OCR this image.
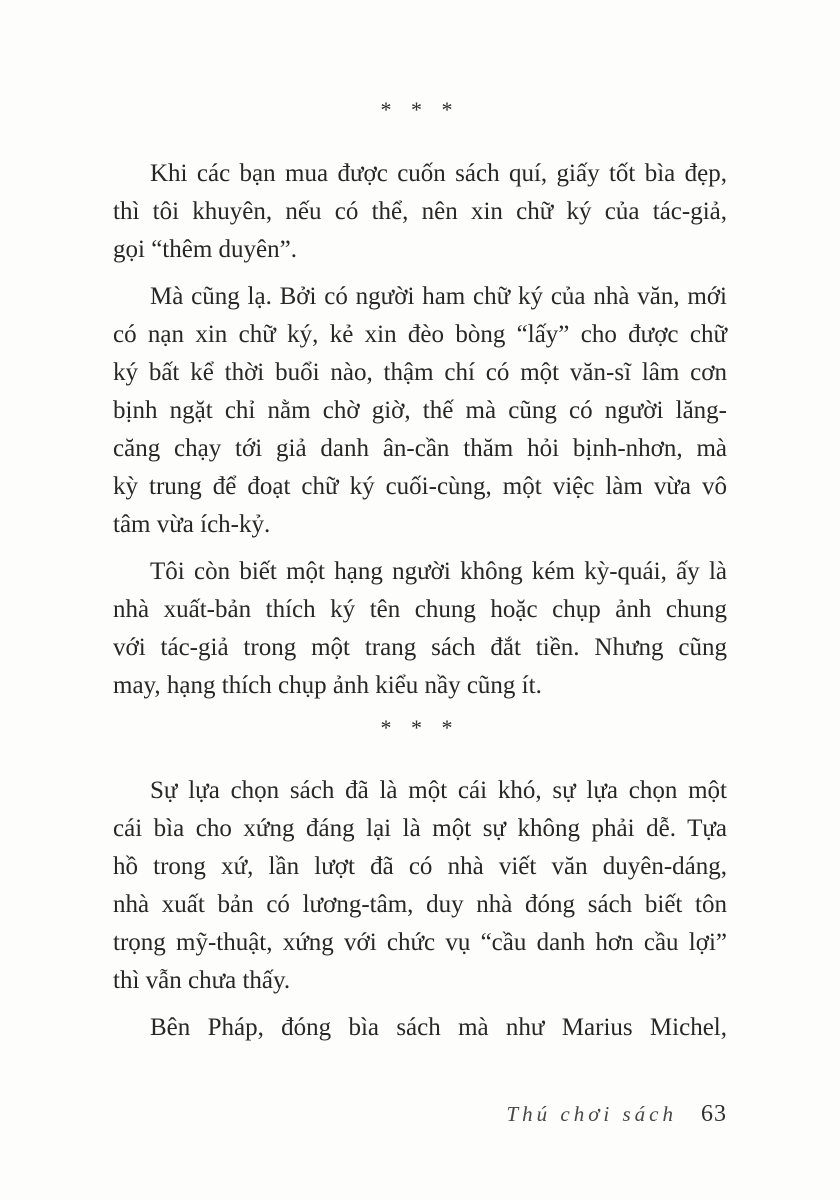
* * *
Khi các bạn mua được cuốn sách quí, giấy tốt bìa đẹp,
thì tôi khuyên, nếu có thể, nên xin chữ ký của tác-giả,
gọi “thêm duyên”.
Mà cũng lạ. Bởi có người ham chữ ký của nhà văn, mới
có nạn xin chữ ký, kẻ xin đèo bòng “lấy” cho được chữ
ký bất kể thời buổi nào, thậm chí có một văn-sĩ lâm cơn
bịnh ngặt chỉ nằm chờ giờ, thế mà cũng có người lăng-
căng chạy tới giả danh ân-cần thăm hỏi bịnh-nhơn, mà
kỳ trung để đoạt chữ ký cuối-cùng, một việc làm vừa vô
tâm vừa ích-kỷ.
Tôi còn biết một hạng người không kém kỳ-quái, ấy là
nhà xuất-bản thích ký tên chung hoặc chụp ảnh chung
với tác-giả trong một trang sách đắt tiền. Nhưng cũng
may, hạng thích chụp ảnh kiểu nầy cũng ít.
* * *
Sự lựa chọn sách đã là một cái khó, sự lựa chọn một
cái bìa cho xứng đáng lại là một sự không phải dễ. Tựa
hồ trong xứ, lần lượt đã có nhà viết văn duyên-dáng,
nhà xuất bản có lương-tâm, duy nhà đóng sách biết tôn
trọng mỹ-thuật, xứng với chức vụ “cầu danh hơn cầu lợi”
thì vẫn chưa thấy.
Bên Pháp, đóng bìa sách mà như Marius Michel,
Thú chơi sách 63
